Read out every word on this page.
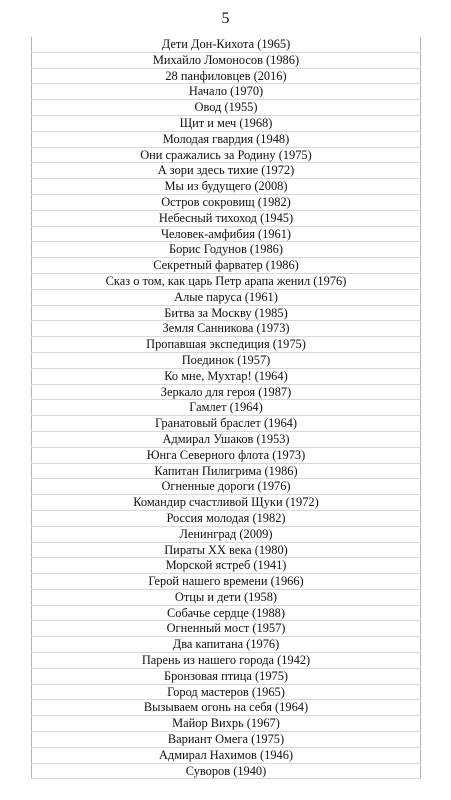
5
Дети Дон-Кихота (1965)
Михайло Ломоносов (1986)
28 панфиловцев (2016)
Начало (1970)
Овод (1955)
Щит и меч (1968)
Молодая гвардия (1948)
Они сражались за Родину (1975)
А зори здесь тихие (1972)
Мы из будущего (2008)
Остров сокровищ (1982)
Небесный тихоход (1945)
Человек-амфибия (1961)
Борис Годунов (1986)
Секретный фарватер (1986)
Сказ о том, как царь Петр арапа женил (1976)
Алые паруса (1961)
Битва за Москву (1985)
Земля Санникова (1973)
Пропавшая экспедиция (1975)
Поединок (1957)
Ко мне, Мухтар! (1964)
Зеркало для героя (1987)
Гамлет (1964)
Гранатовый браслет (1964)
Адмирал Ушаков (1953)
Юнга Северного флота (1973)
Капитан Пилигрима (1986)
Огненные дороги (1976)
Командир счастливой Щуки (1972)
Россия молодая (1982)
Ленинград (2009)
Пираты XX века (1980)
Морской ястреб (1941)
Герой нашего времени (1966)
Отцы и дети (1958)
Собачье сердце (1988)
Огненный мост (1957)
Два капитана (1976)
Парень из нашего города (1942)
Бронзовая птица (1975)
Город мастеров (1965)
Вызываем огонь на себя (1964)
Майор Вихрь (1967)
Вариант Омега (1975)
Адмирал Нахимов (1946)
Суворов (1940)
